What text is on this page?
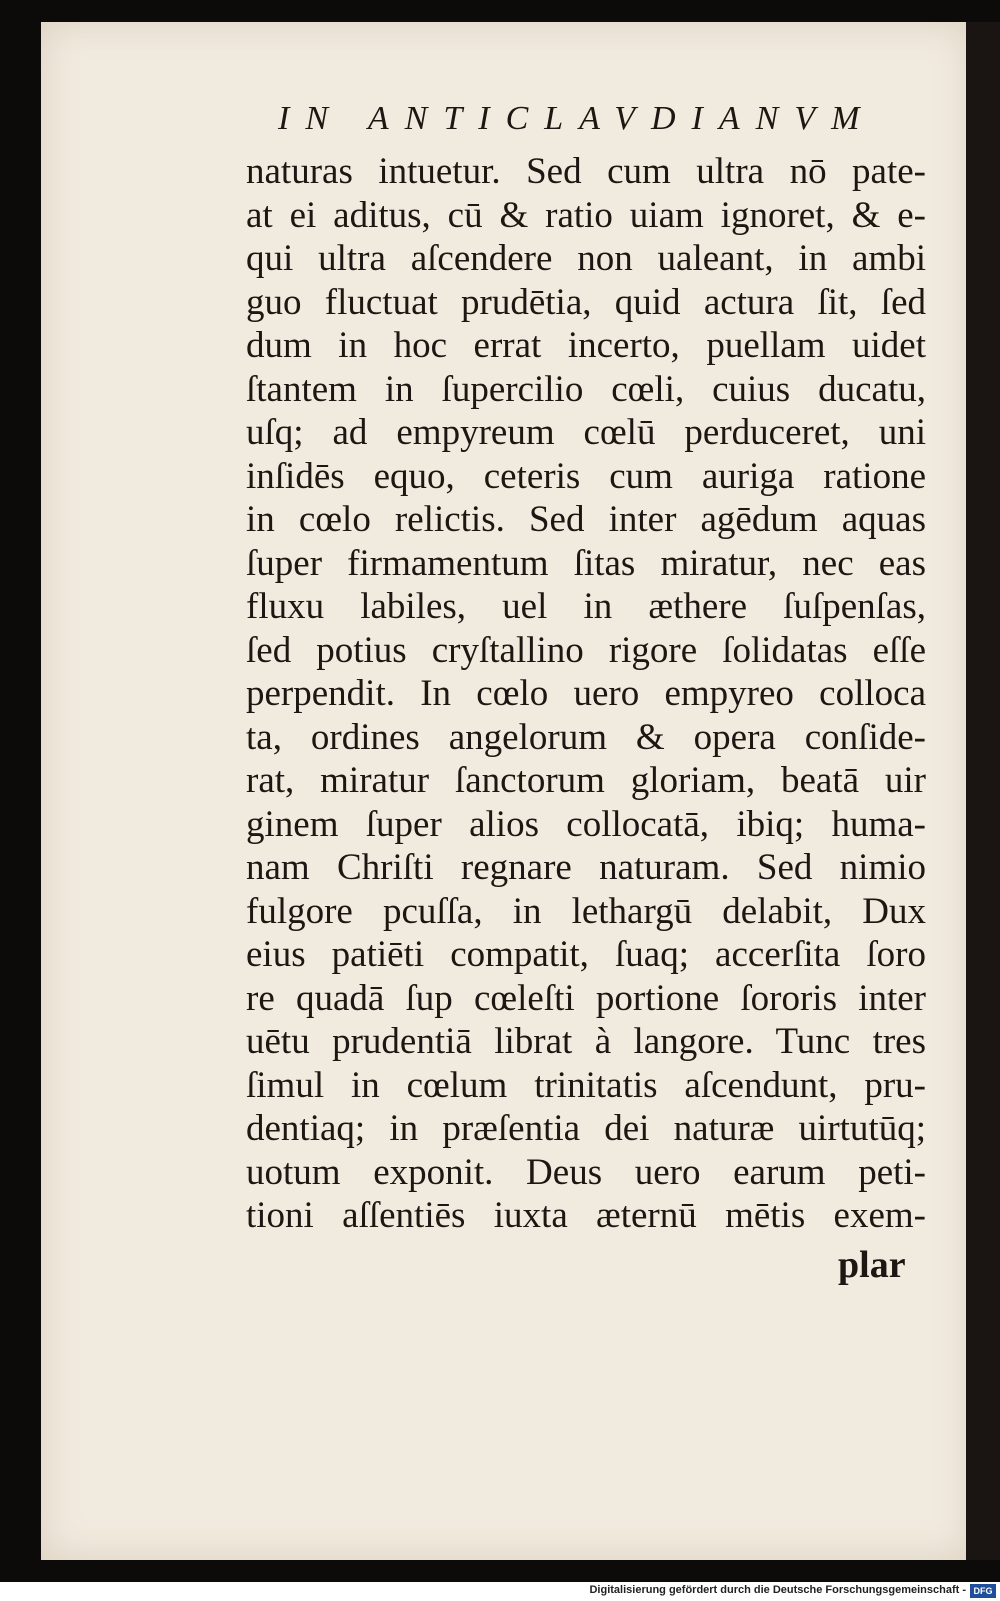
IN ANTICLAVDIANVM
naturas intuetur. Sed cum ultra nō pate-
at ei aditus, cū & ratio uiam ignoret, & e-
qui ultra aſcendere non ualeant, in ambi
guo fluctuat prudētia, quid actura ſit, ſed
dum in hoc errat incerto, puellam uidet
ſtantem in ſupercilio cœli, cuius ducatu,
uſq; ad empyreum cœlū perduceret, uni
inſidēs equo, ceteris cum auriga ratione
in cœlo relictis. Sed inter agēdum aquas
ſuper firmamentum ſitas miratur, nec eas
fluxu labiles, uel in æthere ſuſpenſas,
ſed potius cryſtallino rigore ſolidatas eſſe
perpendit. In cœlo uero empyreo colloca
ta, ordines angelorum & opera conſide-
rat, miratur ſanctorum gloriam, beatā uir
ginem ſuper alios collocatā, ibiq; huma-
nam Chriſti regnare naturam. Sed nimio
fulgore pcuſſa, in lethargū delabit, Dux
eius patiēti compatit, ſuaq; accerſita ſoro
re quadā ſup cœleſti portione ſororis inter
uētu prudentiā librat à langore. Tunc tres
ſimul in cœlum trinitatis aſcendunt, pru-
dentiaq; in præſentia dei naturæ uirtutūq;
uotum exponit. Deus uero earum peti-
tioni aſſentiēs iuxta æternū mētis exem-
plar
Digitalisierung gefördert durch die Deutsche Forschungsgemeinschaft - DFG
